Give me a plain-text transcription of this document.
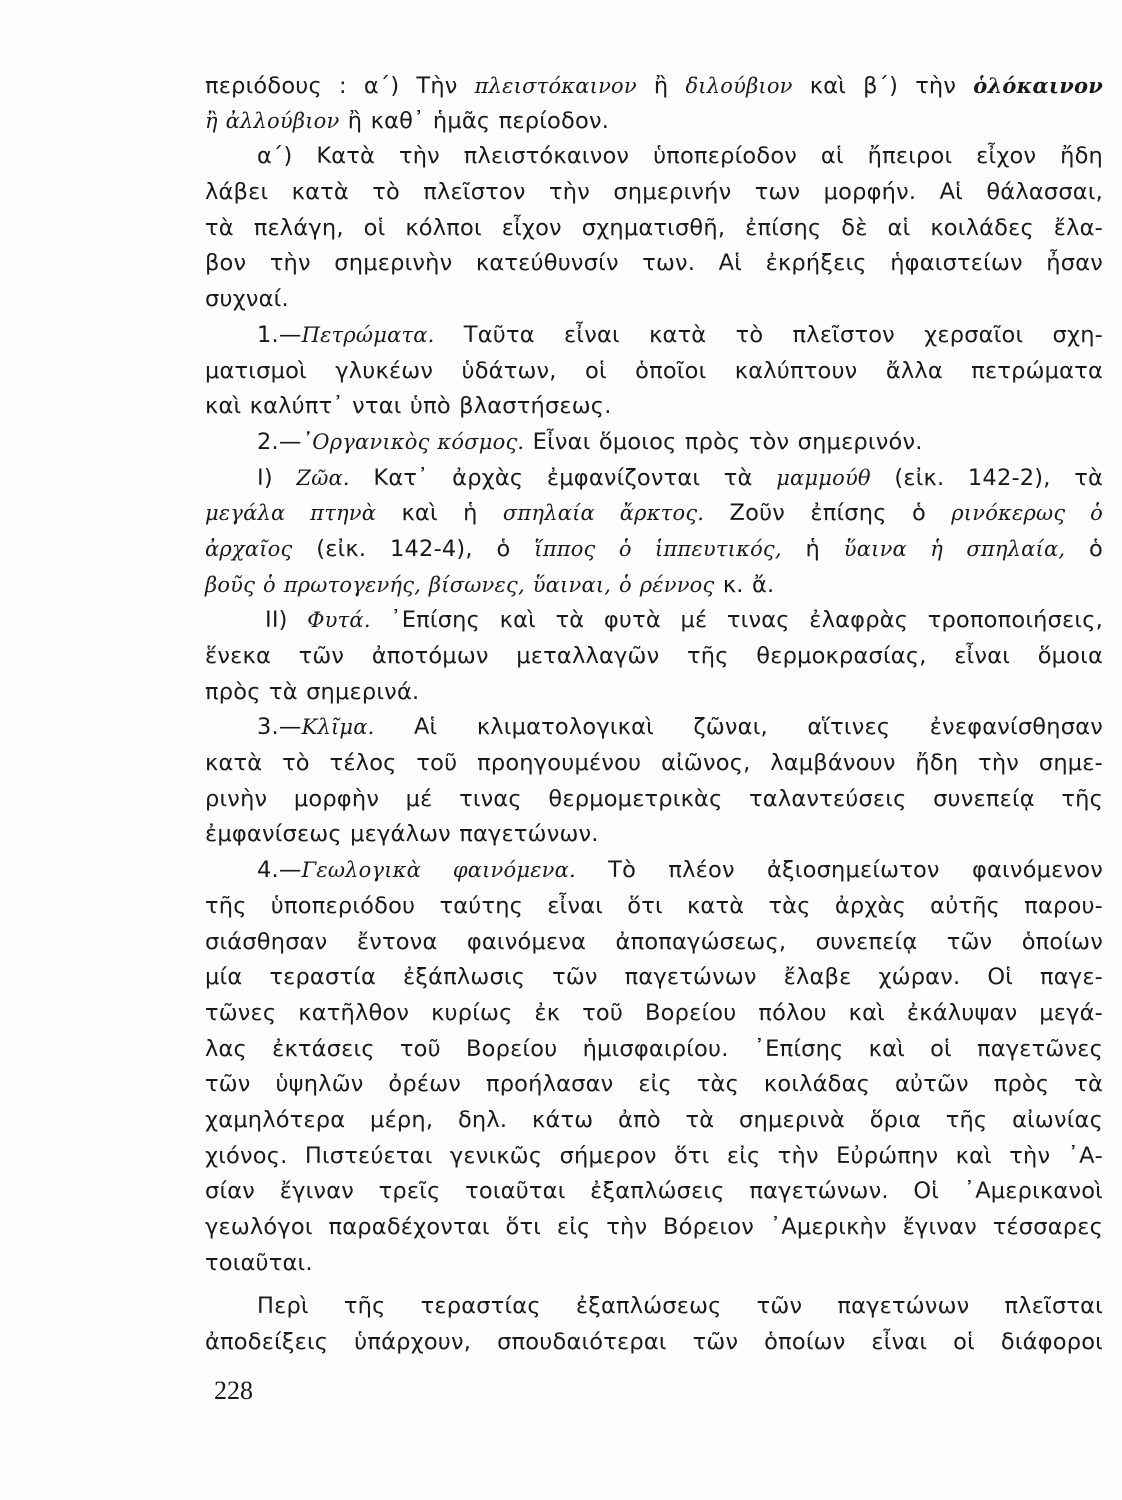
περιόδους : α΄) Τὴν πλειστόκαινον ἢ διλούβιον καὶ β΄) τὴν ὁλόκαινον
ἢ ἀλλούβιον ἢ καθ᾿ ἡμᾶς περίοδον.
α΄) Κατὰ τὴν πλειστόκαινον ὑποπερίοδον αἱ ἤπειροι εἶχον ἤδη
λάβει κατὰ τὸ πλεῖστον τὴν σημερινήν των μορφήν. Αἱ θάλασσαι,
τὰ πελάγη, οἱ κόλποι εἶχον σχηματισθῆ, ἐπίσης δὲ αἱ κοιλάδες ἔλα-
βον τὴν σημερινὴν κατεύθυνσίν των. Αἱ ἐκρήξεις ἡφαιστείων ἦσαν
συχναί.
1.—Πετρώματα. Ταῦτα εἶναι κατὰ τὸ πλεῖστον χερσαῖοι σχη-
ματισμοὶ γλυκέων ὑδάτων, οἱ ὁποῖοι καλύπτουν ἄλλα πετρώματα
καὶ καλύπτ᾿ νται ὑπὸ βλαστήσεως.
2.—᾿Οργανικὸς κόσμος. Εἶναι ὅμοιος πρὸς τὸν σημερινόν.
Ι) Ζῶα. Κατ᾿ ἀρχὰς ἐμφανίζονται τὰ μαμμούθ (εἰκ. 142-2), τὰ
μεγάλα πτηνὰ καὶ ἡ σπηλαία ἄρκτος. Ζοῦν ἐπίσης ὁ ρινόκερως ὁ
ἀρχαῖος (εἰκ. 142-4), ὁ ἵππος ὁ ἱππευτικός, ἡ ὕαινα ἡ σπηλαία, ὁ
βοῦς ὁ πρωτογενής, βίσωνες, ὕαιναι, ὁ ρέννος κ. ἄ.
ΙΙ) Φυτά. ᾿Επίσης καὶ τὰ φυτὰ μέ τινας ἐλαφρὰς τροποποιήσεις,
ἕνεκα τῶν ἀποτόμων μεταλλαγῶν τῆς θερμοκρασίας, εἶναι ὅμοια
πρὸς τὰ σημερινά.
3.—Κλῖμα. Αἱ κλιματολογικαὶ ζῶναι, αἵτινες ἐνεφανίσθησαν
κατὰ τὸ τέλος τοῦ προηγουμένου αἰῶνος, λαμβάνουν ἤδη τὴν σημε-
ρινὴν μορφὴν μέ τινας θερμομετρικὰς ταλαντεύσεις συνεπείᾳ τῆς
ἐμφανίσεως μεγάλων παγετώνων.
4.—Γεωλογικὰ φαινόμενα. Τὸ πλέον ἀξιοσημείωτον φαινόμενον
τῆς ὑποπεριόδου ταύτης εἶναι ὅτι κατὰ τὰς ἀρχὰς αὐτῆς παρου-
σιάσθησαν ἔντονα φαινόμενα ἀποπαγώσεως, συνεπείᾳ τῶν ὁποίων
μία τεραστία ἐξάπλωσις τῶν παγετώνων ἔλαβε χώραν. Οἱ παγε-
τῶνες κατῆλθον κυρίως ἐκ τοῦ Βορείου πόλου καὶ ἐκάλυψαν μεγά-
λας ἐκτάσεις τοῦ Βορείου ἡμισφαιρίου. ᾿Επίσης καὶ οἱ παγετῶνες
τῶν ὑψηλῶν ὀρέων προήλασαν εἰς τὰς κοιλάδας αὐτῶν πρὸς τὰ
χαμηλότερα μέρη, δηλ. κάτω ἀπὸ τὰ σημερινὰ ὅρια τῆς αἰωνίας
χιόνος. Πιστεύεται γενικῶς σήμερον ὅτι εἰς τὴν Εὐρώπην καὶ τὴν ᾿Α-
σίαν ἔγιναν τρεῖς τοιαῦται ἐξαπλώσεις παγετώνων. Οἱ ᾿Αμερικανοὶ
γεωλόγοι παραδέχονται ὅτι εἰς τὴν Βόρειον ᾿Αμερικὴν ἔγιναν τέσσαρες
τοιαῦται.
Περὶ τῆς τεραστίας ἐξαπλώσεως τῶν παγετώνων πλεῖσται
ἀποδείξεις ὑπάρχουν, σπουδαιότεραι τῶν ὁποίων εἶναι οἱ διάφοροι
228
